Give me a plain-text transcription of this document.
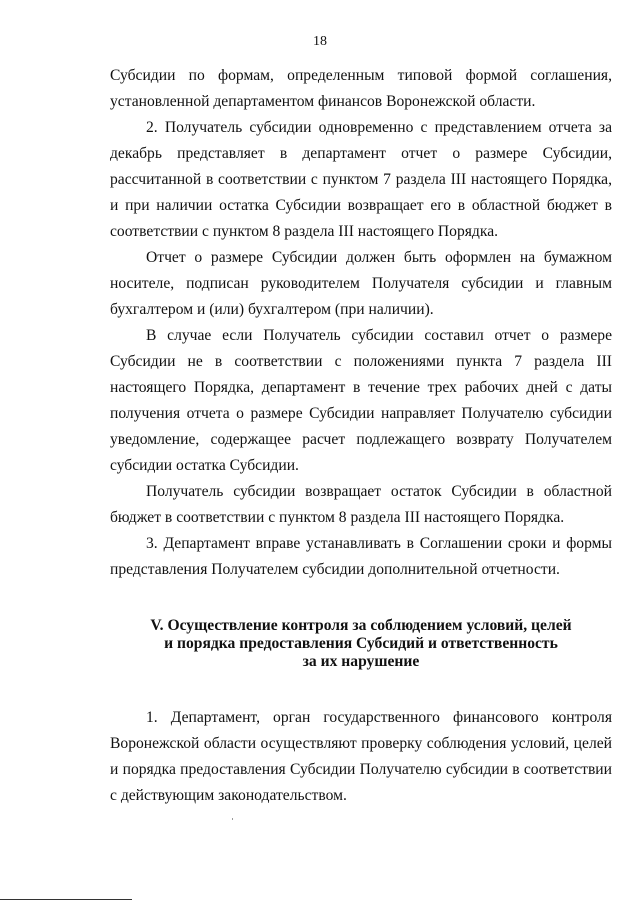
18

Субсидии по формам, определенным типовой формой соглашения, установленной департаментом финансов Воронежской области.

2. Получатель субсидии одновременно с представлением отчета за декабрь представляет в департамент отчет о размере Субсидии, рассчитанной в соответствии с пунктом 7 раздела III настоящего Порядка, и при наличии остатка Субсидии возвращает его в областной бюджет в соответствии с пунктом 8 раздела III настоящего Порядка.

Отчет о размере Субсидии должен быть оформлен на бумажном носителе, подписан руководителем Получателя субсидии и главным бухгалтером и (или) бухгалтером (при наличии).

В случае если Получатель субсидии составил отчет о размере Субсидии не в соответствии с положениями пункта 7 раздела III настоящего Порядка, департамент в течение трех рабочих дней с даты получения отчета о размере Субсидии направляет Получателю субсидии уведомление, содержащее расчет подлежащего возврату Получателем субсидии остатка Субсидии.

Получатель субсидии возвращает остаток Субсидии в областной бюджет в соответствии с пунктом 8 раздела III настоящего Порядка.

3. Департамент вправе устанавливать в Соглашении сроки и формы представления Получателем субсидии дополнительной отчетности.

V. Осуществление контроля за соблюдением условий, целей
и порядка предоставления Субсидий и ответственность
за их нарушение

1. Департамент, орган государственного финансового контроля Воронежской области осуществляют проверку соблюдения условий, целей и порядка предоставления Субсидии Получателю субсидии в соответствии с действующим законодательством.
